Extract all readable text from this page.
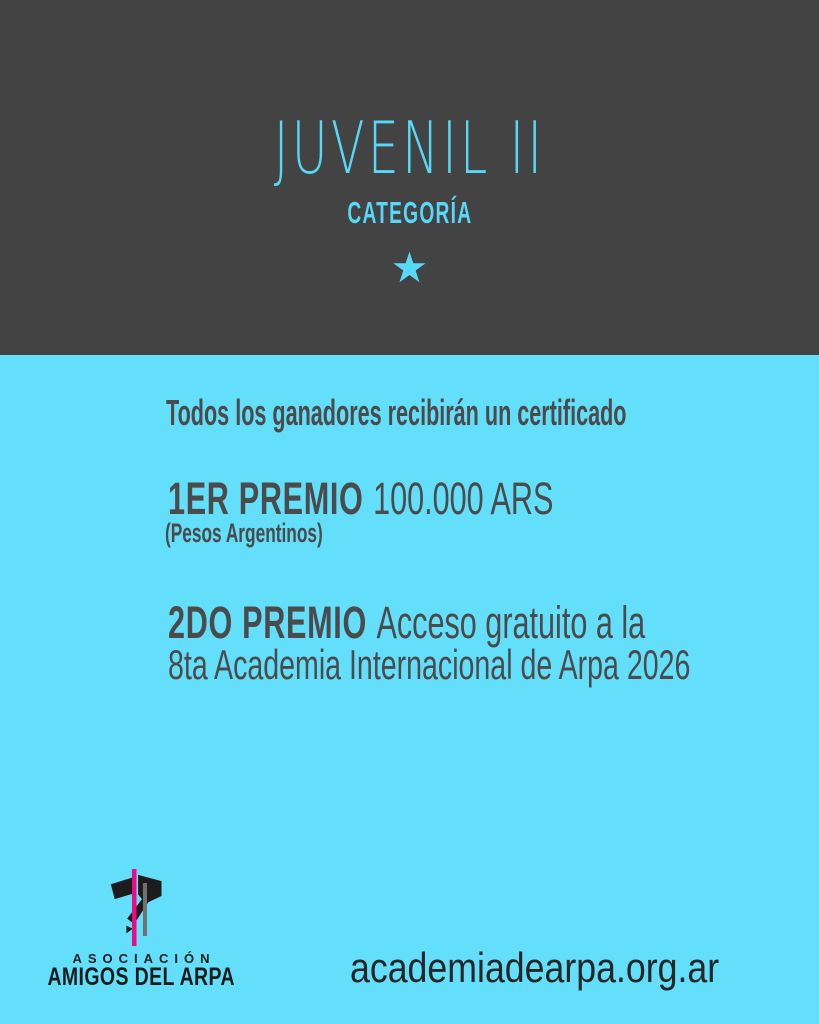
JUVENIL II
CATEGORÍA
★
Todos los ganadores recibirán un certificado
1ER PREMIO 100.000 ARS
(Pesos Argentinos)
2DO PREMIO Acceso gratuito a la
8ta Academia Internacional de Arpa 2026
ASOCIACIÓN
AMIGOS DEL ARPA	academiadearpa.org.ar
